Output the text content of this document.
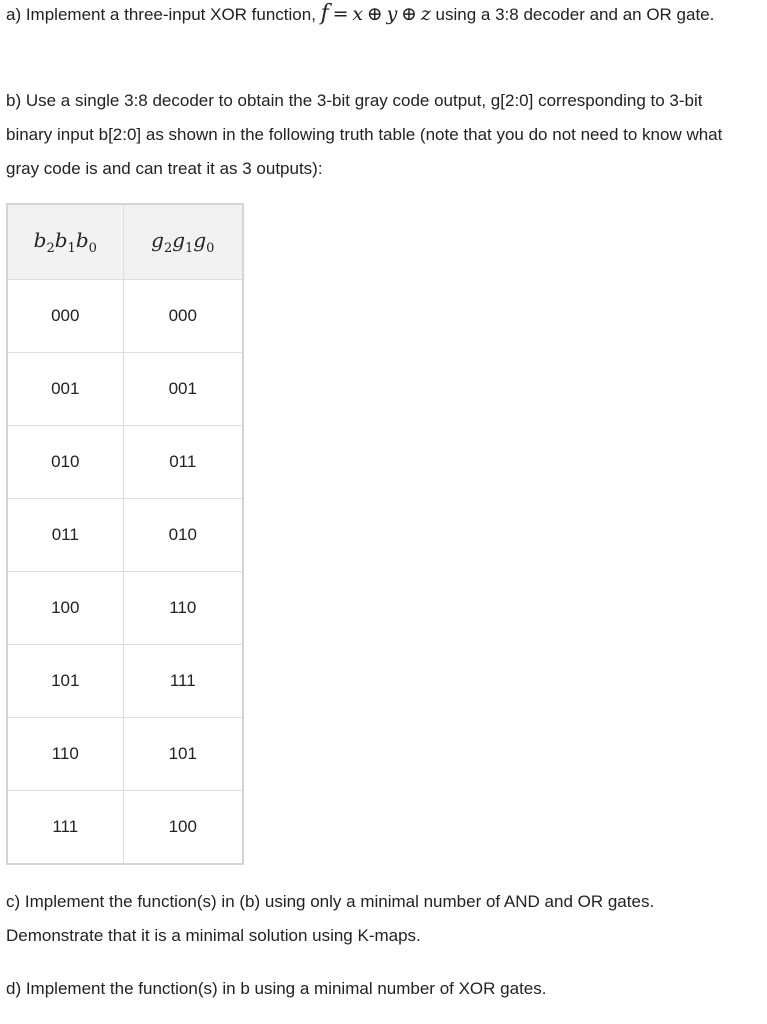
a) Implement a three-input XOR function, f  =  x  ⊕  y  ⊕  z using a 3:8 decoder and an OR gate.

b) Use a single 3:8 decoder to obtain the 3-bit gray code output, g[2:0] corresponding to 3-bit binary input b[2:0] as shown in the following truth table (note that you do not need to know what gray code is and can treat it as 3 outputs):

$b_2b_1b_0$	$g_2g_1g_0$
000	000
001	001
010	011
011	010
100	110
101	111
110	101
111	100

c) Implement the function(s) in (b) using only a minimal number of AND and OR gates. Demonstrate that it is a minimal solution using K-maps.

d) Implement the function(s) in b using a minimal number of XOR gates.
